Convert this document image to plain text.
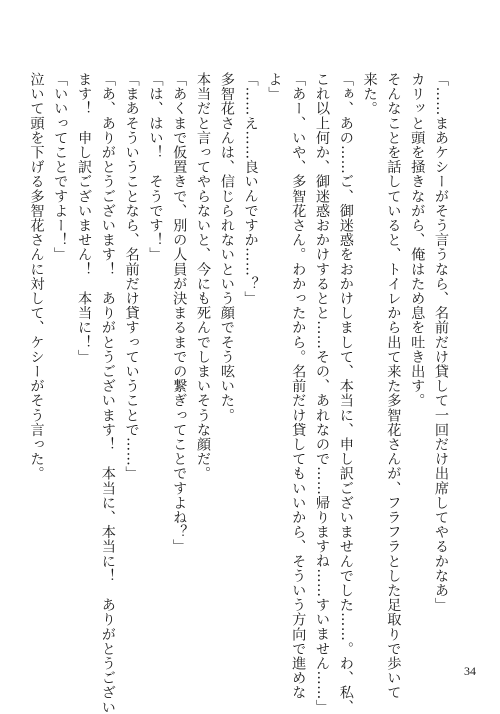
「……まあケシーがそう言うなら、名前だけ貸して一回だけ出席してやるかなあ」
カリッと頭を掻きながら、俺はため息を吐き出す。
そんなことを話していると、トイレから出て来た多智花さんが、フラフラとした足取りで歩いて
来た。
「ぁ、あの……ご、御迷惑をおかけしまして、本当に、申し訳ございませんでした……。わ、私、
これ以上何か、御迷惑おかけするとと……その、あれなので……帰りますね……すいません……」
「あー、いや、多智花さん。わかったから。名前だけ貸してもいいから、そういう方向で進めな
よ」
「……え……良いんですか……？」
多智花さんは、信じられないという顔でそう呟いた。
本当だと言ってやらないと、今にも死んでしまいそうな顔だ。
「あくまで仮置きで、別の人員が決まるまでの繋ぎってことですよね？」
「は、はい！　そうです！」
「まあそういうことなら、名前だけ貸すっていうことで……」
「あ、ありがとうございます！　ありがとうございます！　本当に、本当に！　ありがとうござい
ます！　申し訳ございません！　本当に！」
「いいってことですよー！」
泣いて頭を下げる多智花さんに対して、ケシーがそう言った。
34
